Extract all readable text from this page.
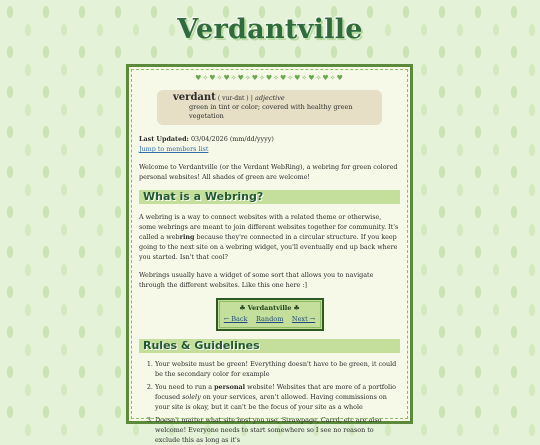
Verdantville
♥✧♥✧♥✧♥✧♥✧♥✧♥✧♥✧♥✧♥✧♥
verdant ( vur-dnt ) | adjective
green in tint or color; covered with healthy green vegetation
Last Updated: 03/04/2026 (mm/dd/yyyy)
Jump to members list

Welcome to Verdantville (or the Verdant WebRing), a webring for green colored personal websites! All shades of green are welcome!

What is a Webring?

A webring is a way to connect websites with a related theme or otherwise, some webrings are meant to join different websites together for community. It's called a webring because they're connected in a circular structure. If you keep going to the next site on a webring widget, you'll eventually end up back where you started. Isn't that cool?

Webrings usually have a widget of some sort that allows you to navigate through the different websites. Like this one here :]

☘ Verdantville ☘
← Back Random Next →
Rules & Guidelines
1. Your website must be green! Everything doesn't have to be green, it could be the secondary color for example
2. You need to run a personal website! Websites that are more of a portfolio focused solely on your services, aren't allowed. Having commissions on your site is okay, but it can't be the focus of your site as a whole
3. Doesn't matter what site host you use, Strawpage, Carrd, etc are also welcome! Everyone needs to start somewhere so I see no reason to exclude this as long as it's
